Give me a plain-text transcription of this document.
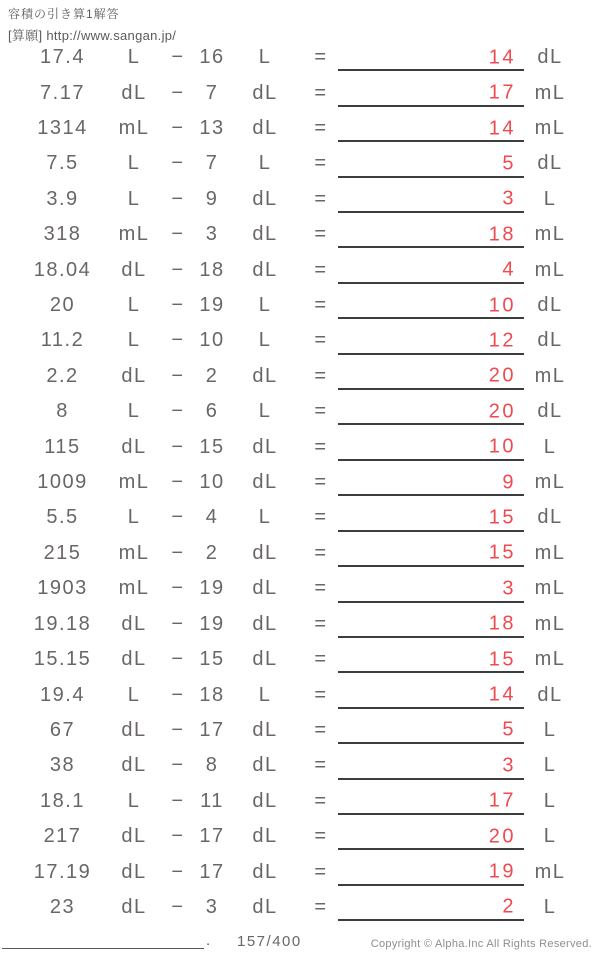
容積の引き算1解答
[算願] http://www.sangan.jp/
17.4	L	− 16	L	=	14	dL
7.17	dL	−	7	dL	=	17 mL
1314	mL	− 13	dL	=	14 mL
7.5	L	−	7	L	=	5	dL
3.9	L	−	9	dL	=	3	L
318	mL	−	3	dL	=	18 mL
18.04	dL	− 18	dL	=	4 mL
20	L	− 19	L	=	10	dL
11.2	L	− 10	L	=	12	dL
2.2	dL	−	2	dL	=	20 mL
8	L	−	6	L	=	20	dL
115	dL	− 15	dL	=	10	L
1009	mL	− 10	dL	=	9 mL
5.5	L	−	4	L	=	15	dL
215	mL	−	2	dL	=	15 mL
1903	mL	− 19	dL	=	3 mL
19.18	dL	− 19	dL	=	18 mL
15.15	dL	− 15	dL	=	15 mL
19.4	L	− 18	L	=	14	dL
67	dL	− 17	dL	=	5	L
38	dL	−	8	dL	=	3	L
18.1	L	− 11	dL	=	17	L
217	dL	− 17	dL	=	20	L
17.19	dL	− 17	dL	=	19 mL
23	dL	−	3	dL	=	2	L
. 157/400	Copyright © Alpha.Inc All Rights Reserved.
